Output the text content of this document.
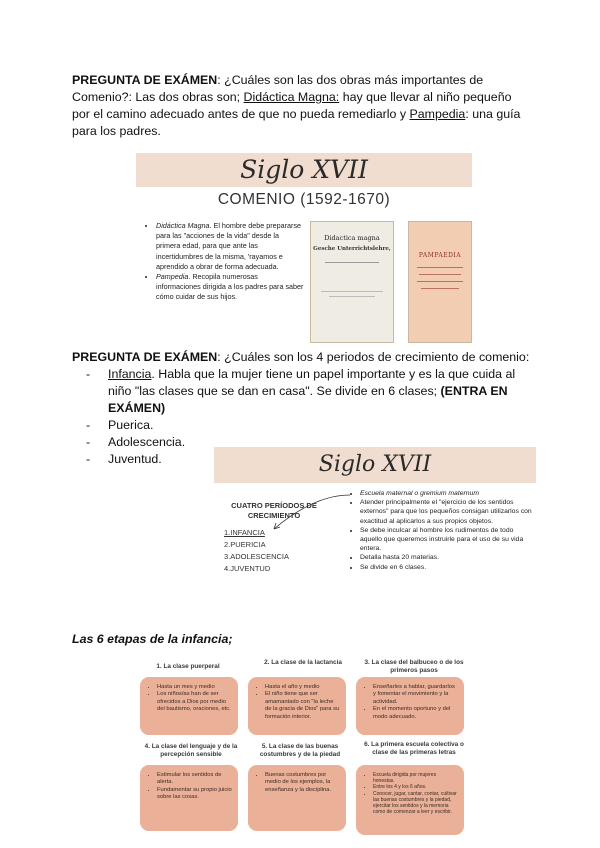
PREGUNTA DE EXÁMEN: ¿Cuáles son las dos obras más importantes de Comenio?: Las dos obras son; Didáctica Magna: hay que llevar al niño pequeño por el camino adecuado antes de que no pueda remediarlo y Pampedia: una guía para los padres.
Siglo XVII
COMENIO (1592-1670)
• Didáctica Magna. El hombre debe prepararse para las "acciones de la vida" desde la primera edad, para que ante las incertidumbres de la misma, 'rayamos e aprendido a obrar de forma adecuada.
• Pampedia. Recopila numerosas informaciones dirigida a los padres para saber cómo cuidar de sus hijos.
Didactica magna
Gesche Unterrichtslehre,
PAMPAEDIA
PREGUNTA DE EXÁMEN: ¿Cuáles son los 4 periodos de crecimiento de comenio:
-	Infancia. Habla que la mujer tiene un papel importante y es la que cuida al niño "las clases que se dan en casa". Se divide en 6 clases; (ENTRA EN EXÁMEN)
-	Puerica.
-	Adolescencia.
-	Juventud.	Siglo XVII
CUATRO PERÍODOS DE CRECIMIENTO
1.INFANCIA
2.PUERICIA
3.ADOLESCENCIA
4.JUVENTUD
• Escuela maternal o gremium maternum
• Atender principalmente el "ejercicio de los sentidos externos" para que los pequeños consigan utilizarlos con exactitud al aplicarlos a sus propios objetos.
• Se debe inculcar al hombre los rudimentos de todo aquello que queremos instruirle para el uso de su vida entera.
• Detalla hasta 20 materias.
• Se divide en 6 clases.
Las 6 etapas de la infancia;
1. La clase puerperal
2. La clase de la lactancia	3. La clase del balbuceo o de los primeros pasos
• Hasta un mes y medio
• Los niños/as han de ser ofrecidos a Dios por medio del bautismo, oraciones, etc.
• Hasta el año y medio
• El niño tiene que ser amamantado con "la leche de la gracia de Dios" para su formación interior.
• Enseñarles a hablar, guardarlos y fomentar el movimiento y la actividad.
• En el momento oportuno y del modo adecuado.
4. La clase del lenguaje y de la percepción sensible
5. La clase de las buenas costumbres y de la piedad
6. La primera escuela colectiva o clase de las primeras letras
• Estimular los sentidos de alerta.
• Fundamentar su propio juicio sobre las cosas.
• Buenas costumbres por medio de los ejemplos, la enseñanza y la disciplina.
• Escuela dirigida por mujeres honestas.
• Entre los 4 y los 6 años.
• Conocer, jugar, cantar, contar, cultivar las buenas costumbres y la piedad, ejercitar los sentidos y la memoria como de comenzar a leer y escribir.
